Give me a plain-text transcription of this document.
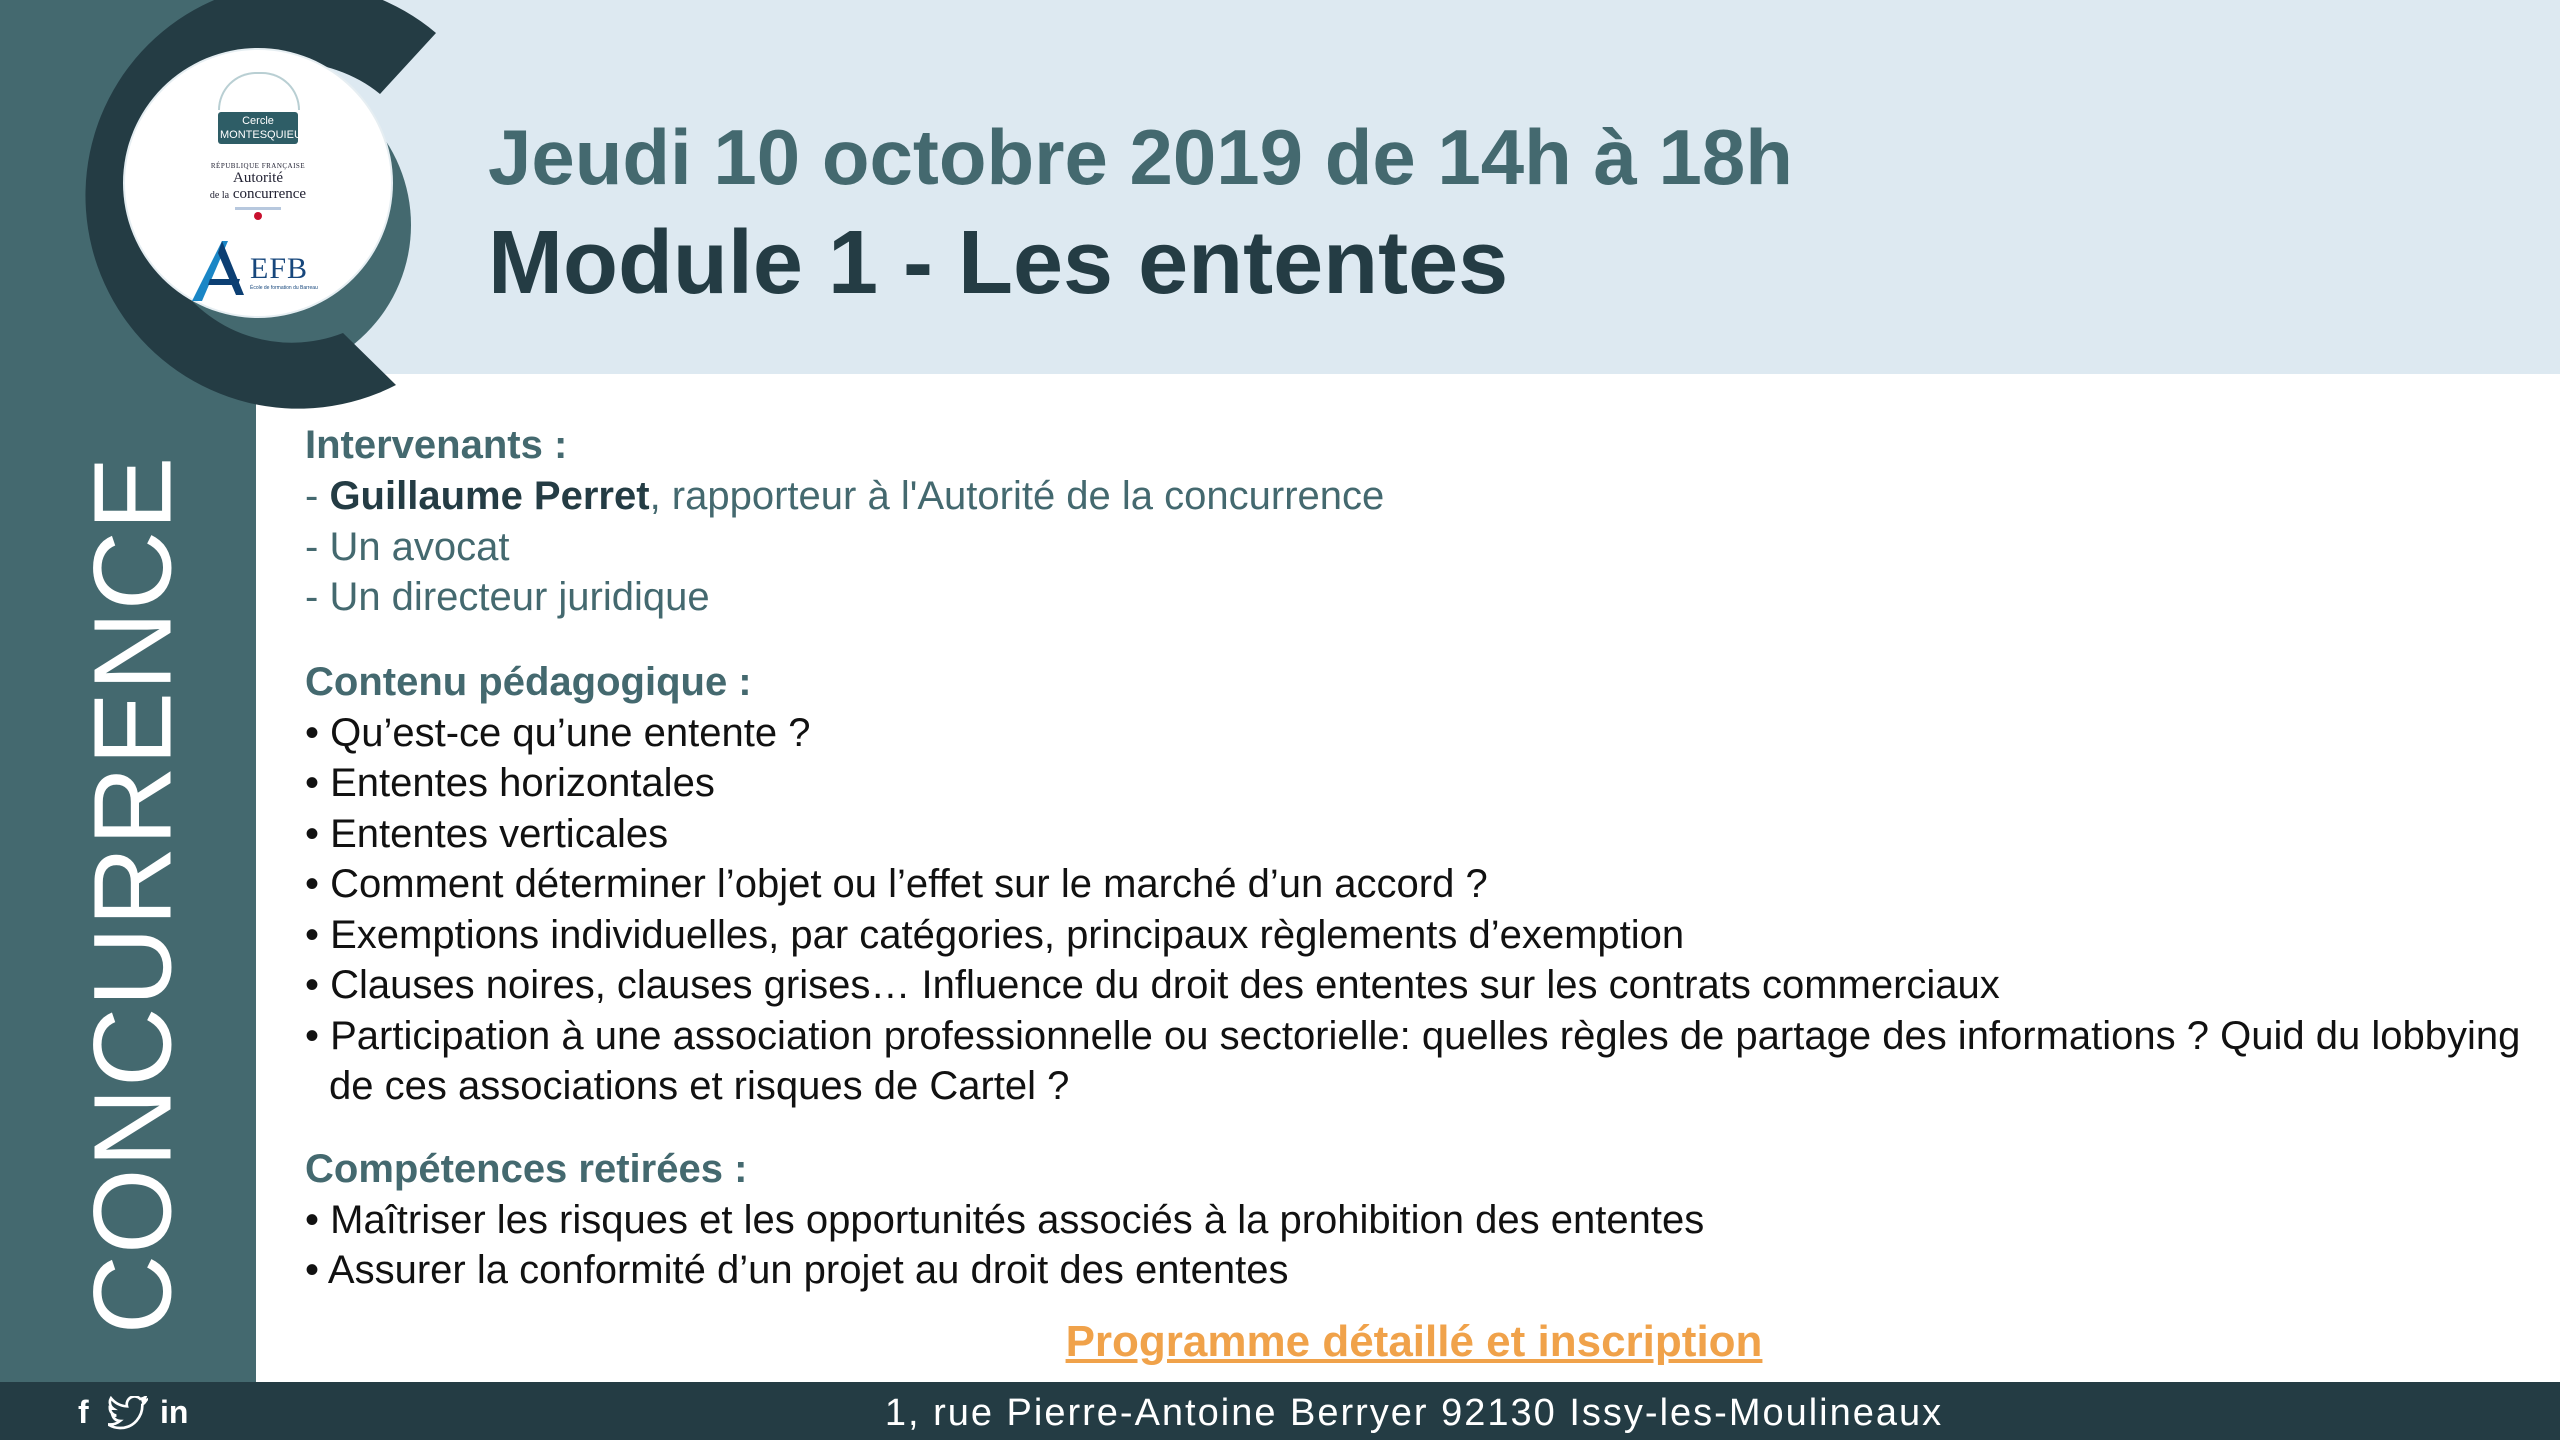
CONCURRENCE
Cercle
MONTESQUIEU
RÉPUBLIQUE FRANÇAISE
Autorité
de la concurrence
EFB
École de formation du Barreau
Jeudi 10 octobre 2019 de 14h à 18h
Module 1 - Les ententes
Intervenants :
- Guillaume Perret, rapporteur à l'Autorité de la concurrence
- Un avocat
- Un directeur juridique
Contenu pédagogique :
• Qu’est-ce qu’une entente ?
• Ententes horizontales
• Ententes verticales
• Comment déterminer l’objet ou l’effet sur le marché d’un accord ?
• Exemptions individuelles, par catégories, principaux règlements d’exemption
• Clauses noires, clauses grises… Influence du droit des ententes sur les contrats commerciaux
• Participation à une association professionnelle ou sectorielle: quelles règles de partage des informations ? Quid du lobbying de ces associations et risques de Cartel ?
Compétences retirées :
• Maîtriser les risques et les opportunités associés à la prohibition des ententes
• Assurer la conformité d’un projet au droit des ententes
Programme détaillé et inscription
f in	1, rue Pierre-Antoine Berryer 92130 Issy-les-Moulineaux
